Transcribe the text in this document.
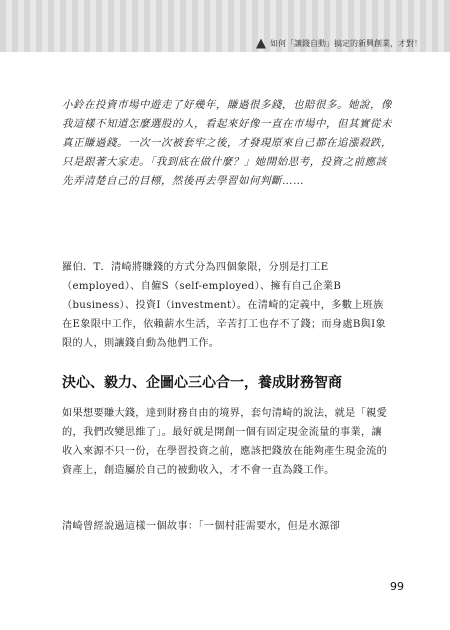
如何「讓錢自動」搞定的新興創業，才對！
小鈴在投資市場中遊走了好幾年，賺過很多錢，也賠很多。她說，像我這樣不知道怎麼選股的人，看起來好像一直在市場中，但其實從未真正賺過錢。一次一次被套牢之後，才發現原來自己都在追漲殺跌，只是跟著大家走。「我到底在做什麼？」她開始思考，投資之前應該先弄清楚自己的目標，然後再去學習如何判斷……
羅伯．T．清崎將賺錢的方式分為四個象限，分別是打工E（employed）、自僱S（self-employed）、擁有自己企業B（business）、投資I（investment）。在清崎的定義中，多數上班族在E象限中工作，依賴薪水生活，辛苦打工也存不了錢；而身處B與I象限的人，則讓錢自動為他們工作。
決心、毅力、企圖心三心合一，養成財務智商
如果想要賺大錢，達到財務自由的境界，套句清崎的說法，就是「親愛的，我們改變思維了」。最好就是開創一個有固定現金流量的事業，讓收入來源不只一份，在學習投資之前，應該把錢放在能夠產生現金流的資產上，創造屬於自己的被動收入，才不會一直為錢工作。
清崎曾經說過這樣一個故事：「一個村莊需要水，但是水源卻
99
